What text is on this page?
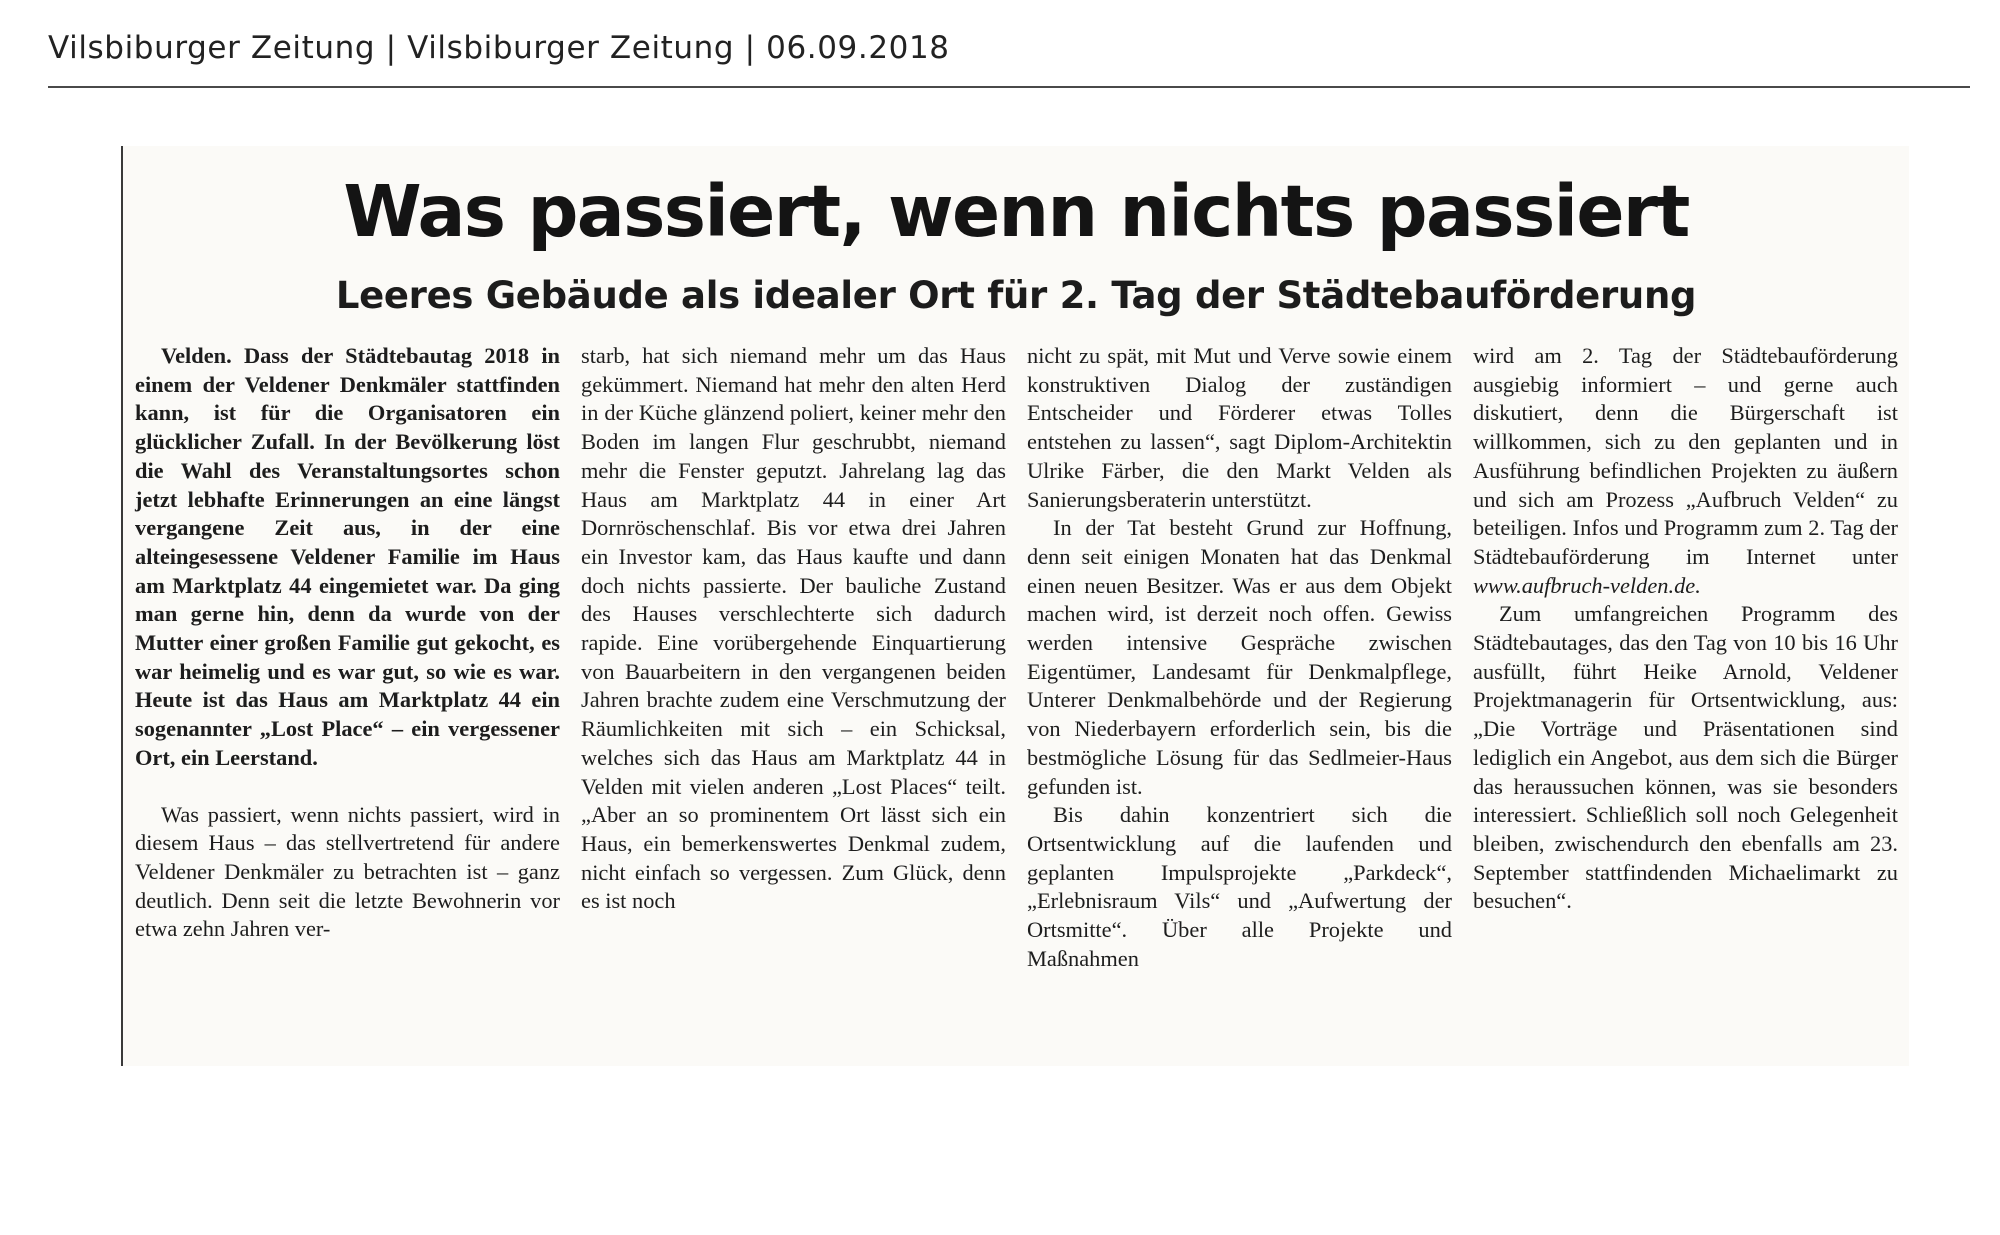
Vilsbiburger Zeitung | Vilsbiburger Zeitung | 06.09.2018
Was passiert, wenn nichts passiert
Leeres Gebäude als idealer Ort für 2. Tag der Städtebauförderung

Velden. Dass der Städtebautag 2018 in einem der Veldener Denkmäler stattfinden kann, ist für die Organisatoren ein glücklicher Zufall. In der Bevölkerung löst die Wahl des Veranstaltungsortes schon jetzt lebhafte Erinnerungen an eine längst vergangene Zeit aus, in der eine alteingesessene Veldener Familie im Haus am Marktplatz 44 eingemietet war. Da ging man gerne hin, denn da wurde von der Mutter einer großen Familie gut gekocht, es war heimelig und es war gut, so wie es war. Heute ist das Haus am Marktplatz 44 ein sogenannter „Lost Place“ – ein vergessener Ort, ein Leerstand.

Was passiert, wenn nichts passiert, wird in diesem Haus – das stellvertretend für andere Veldener Denkmäler zu betrachten ist – ganz deutlich. Denn seit die letzte Bewohnerin vor etwa zehn Jahren ver-

starb, hat sich niemand mehr um das Haus gekümmert. Niemand hat mehr den alten Herd in der Küche glänzend poliert, keiner mehr den Boden im langen Flur geschrubbt, niemand mehr die Fenster geputzt. Jahrelang lag das Haus am Marktplatz 44 in einer Art Dornröschenschlaf. Bis vor etwa drei Jahren ein Investor kam, das Haus kaufte und dann doch nichts passierte. Der bauliche Zustand des Hauses verschlechterte sich dadurch rapide. Eine vorübergehende Einquartierung von Bauarbeitern in den vergangenen beiden Jahren brachte zudem eine Verschmutzung der Räumlichkeiten mit sich – ein Schicksal, welches sich das Haus am Marktplatz 44 in Velden mit vielen anderen „Lost Places“ teilt. „Aber an so prominentem Ort lässt sich ein Haus, ein bemerkenswertes Denkmal zudem, nicht einfach so vergessen. Zum Glück, denn es ist noch

nicht zu spät, mit Mut und Verve sowie einem konstruktiven Dialog der zuständigen Entscheider und Förderer etwas Tolles entstehen zu lassen“, sagt Diplom-Architektin Ulrike Färber, die den Markt Velden als Sanierungsberaterin unterstützt.

In der Tat besteht Grund zur Hoffnung, denn seit einigen Monaten hat das Denkmal einen neuen Besitzer. Was er aus dem Objekt machen wird, ist derzeit noch offen. Gewiss werden intensive Gespräche zwischen Eigentümer, Landesamt für Denkmalpflege, Unterer Denkmalbehörde und der Regierung von Niederbayern erforderlich sein, bis die bestmögliche Lösung für das Sedlmeier-Haus gefunden ist.

Bis dahin konzentriert sich die Ortsentwicklung auf die laufenden und geplanten Impulsprojekte „Parkdeck“, „Erlebnisraum Vils“ und „Aufwertung der Ortsmitte“. Über alle Projekte und Maßnahmen

wird am 2. Tag der Städtebauförderung ausgiebig informiert – und gerne auch diskutiert, denn die Bürgerschaft ist willkommen, sich zu den geplanten und in Ausführung befindlichen Projekten zu äußern und sich am Prozess „Aufbruch Velden“ zu beteiligen. Infos und Programm zum 2. Tag der Städtebauförderung im Internet unter www.aufbruch-velden.de.

Zum umfangreichen Programm des Städtebautages, das den Tag von 10 bis 16 Uhr ausfüllt, führt Heike Arnold, Veldener Projektmanagerin für Ortsentwicklung, aus: „Die Vorträge und Präsentationen sind lediglich ein Angebot, aus dem sich die Bürger das heraussuchen können, was sie besonders interessiert. Schließlich soll noch Gelegenheit bleiben, zwischendurch den ebenfalls am 23. September stattfindenden Michaelimarkt zu besuchen“.
